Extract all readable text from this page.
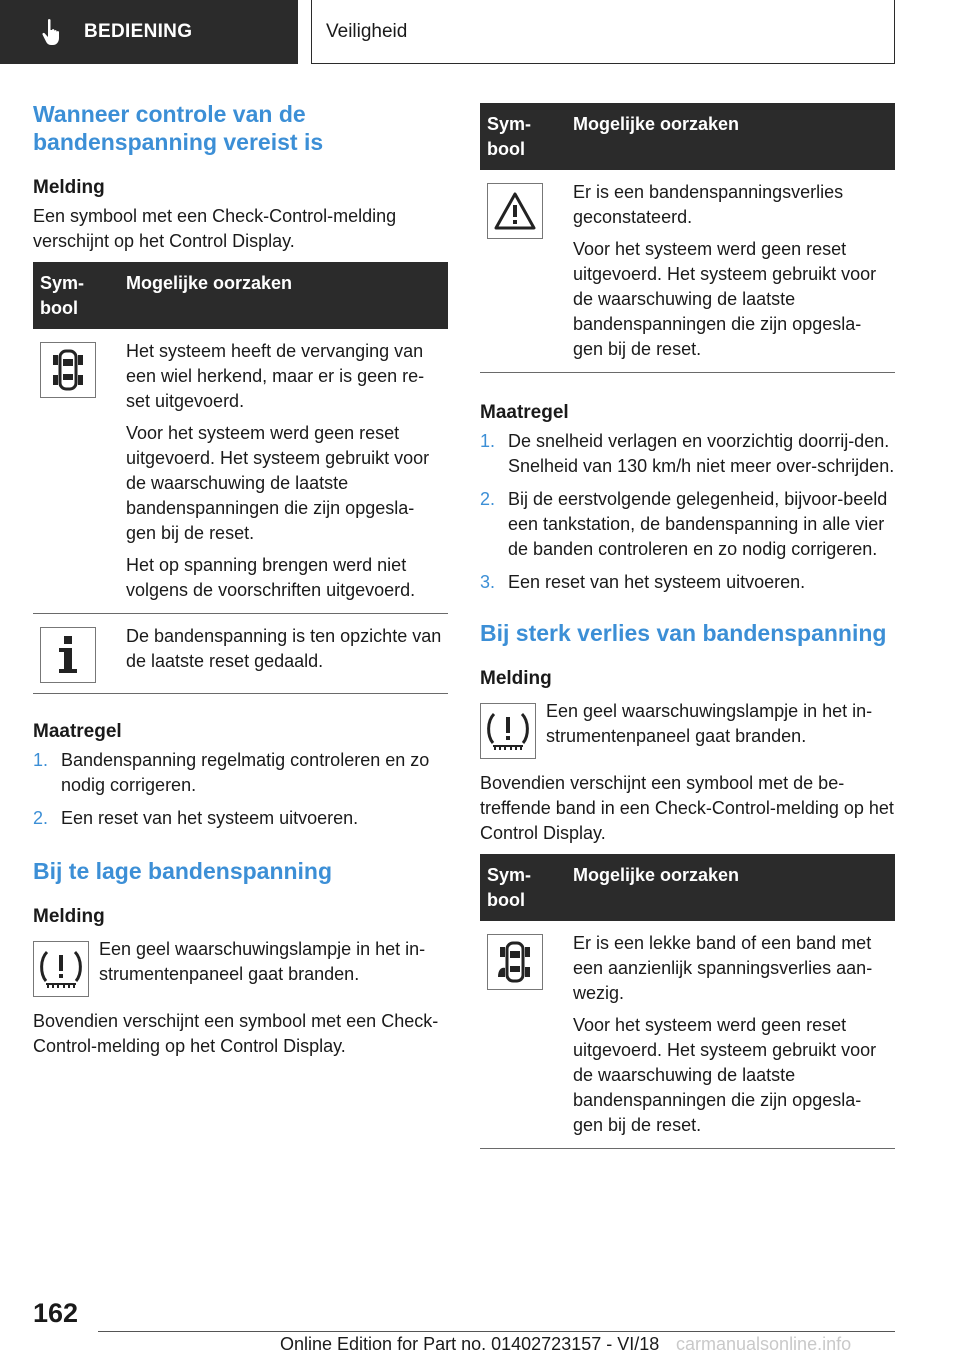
BEDIENING	Veiligheid
Wanneer controle van de bandenspanning vereist is
Melding

Een symbool met een Check-Control-melding verschijnt op het Control Display.

Sym-
bool	Mogelijke oorzaken

Het systeem heeft de vervanging van een wiel herkend, maar er is geen re-set uitgevoerd.

Voor het systeem werd geen reset uitgevoerd. Het systeem gebruikt voor de waarschuwing de laatste bandenspanningen die zijn opgesla-gen bij de reset.

Het op spanning brengen werd niet volgens de voorschriften uitgevoerd.

De bandenspanning is ten opzichte van de laatste reset gedaald.

Maatregel
1. Bandenspanning regelmatig controleren en zo nodig corrigeren.
2. Een reset van het systeem uitvoeren.
Bij te lage bandenspanning
Melding

Een geel waarschuwingslampje in het in-strumentenpaneel gaat branden.

Bovendien verschijnt een symbool met een Check-Control-melding op het Control Display.

Sym-
bool	Mogelijke oorzaken

Er is een bandenspanningsverlies geconstateerd.

Voor het systeem werd geen reset uitgevoerd. Het systeem gebruikt voor de waarschuwing de laatste bandenspanningen die zijn opgesla-gen bij de reset.

Maatregel
1. De snelheid verlagen en voorzichtig doorrij-den. Snelheid van 130 km/h niet meer over-schrijden.
2. Bij de eerstvolgende gelegenheid, bijvoor-beeld een tankstation, de bandenspanning in alle vier de banden controleren en zo nodig corrigeren.
3. Een reset van het systeem uitvoeren.
Bij sterk verlies van bandenspanning
Melding

Een geel waarschuwingslampje in het in-strumentenpaneel gaat branden.

Bovendien verschijnt een symbool met de be-treffende band in een Check-Control-melding op het Control Display.

Sym-
bool	Mogelijke oorzaken

Er is een lekke band of een band met een aanzienlijk spanningsverlies aan-wezig.

Voor het systeem werd geen reset uitgevoerd. Het systeem gebruikt voor de waarschuwing de laatste bandenspanningen die zijn opgesla-gen bij de reset.

162
Online Edition for Part no. 01402723157 - VI/18 carmanualsonline.info
